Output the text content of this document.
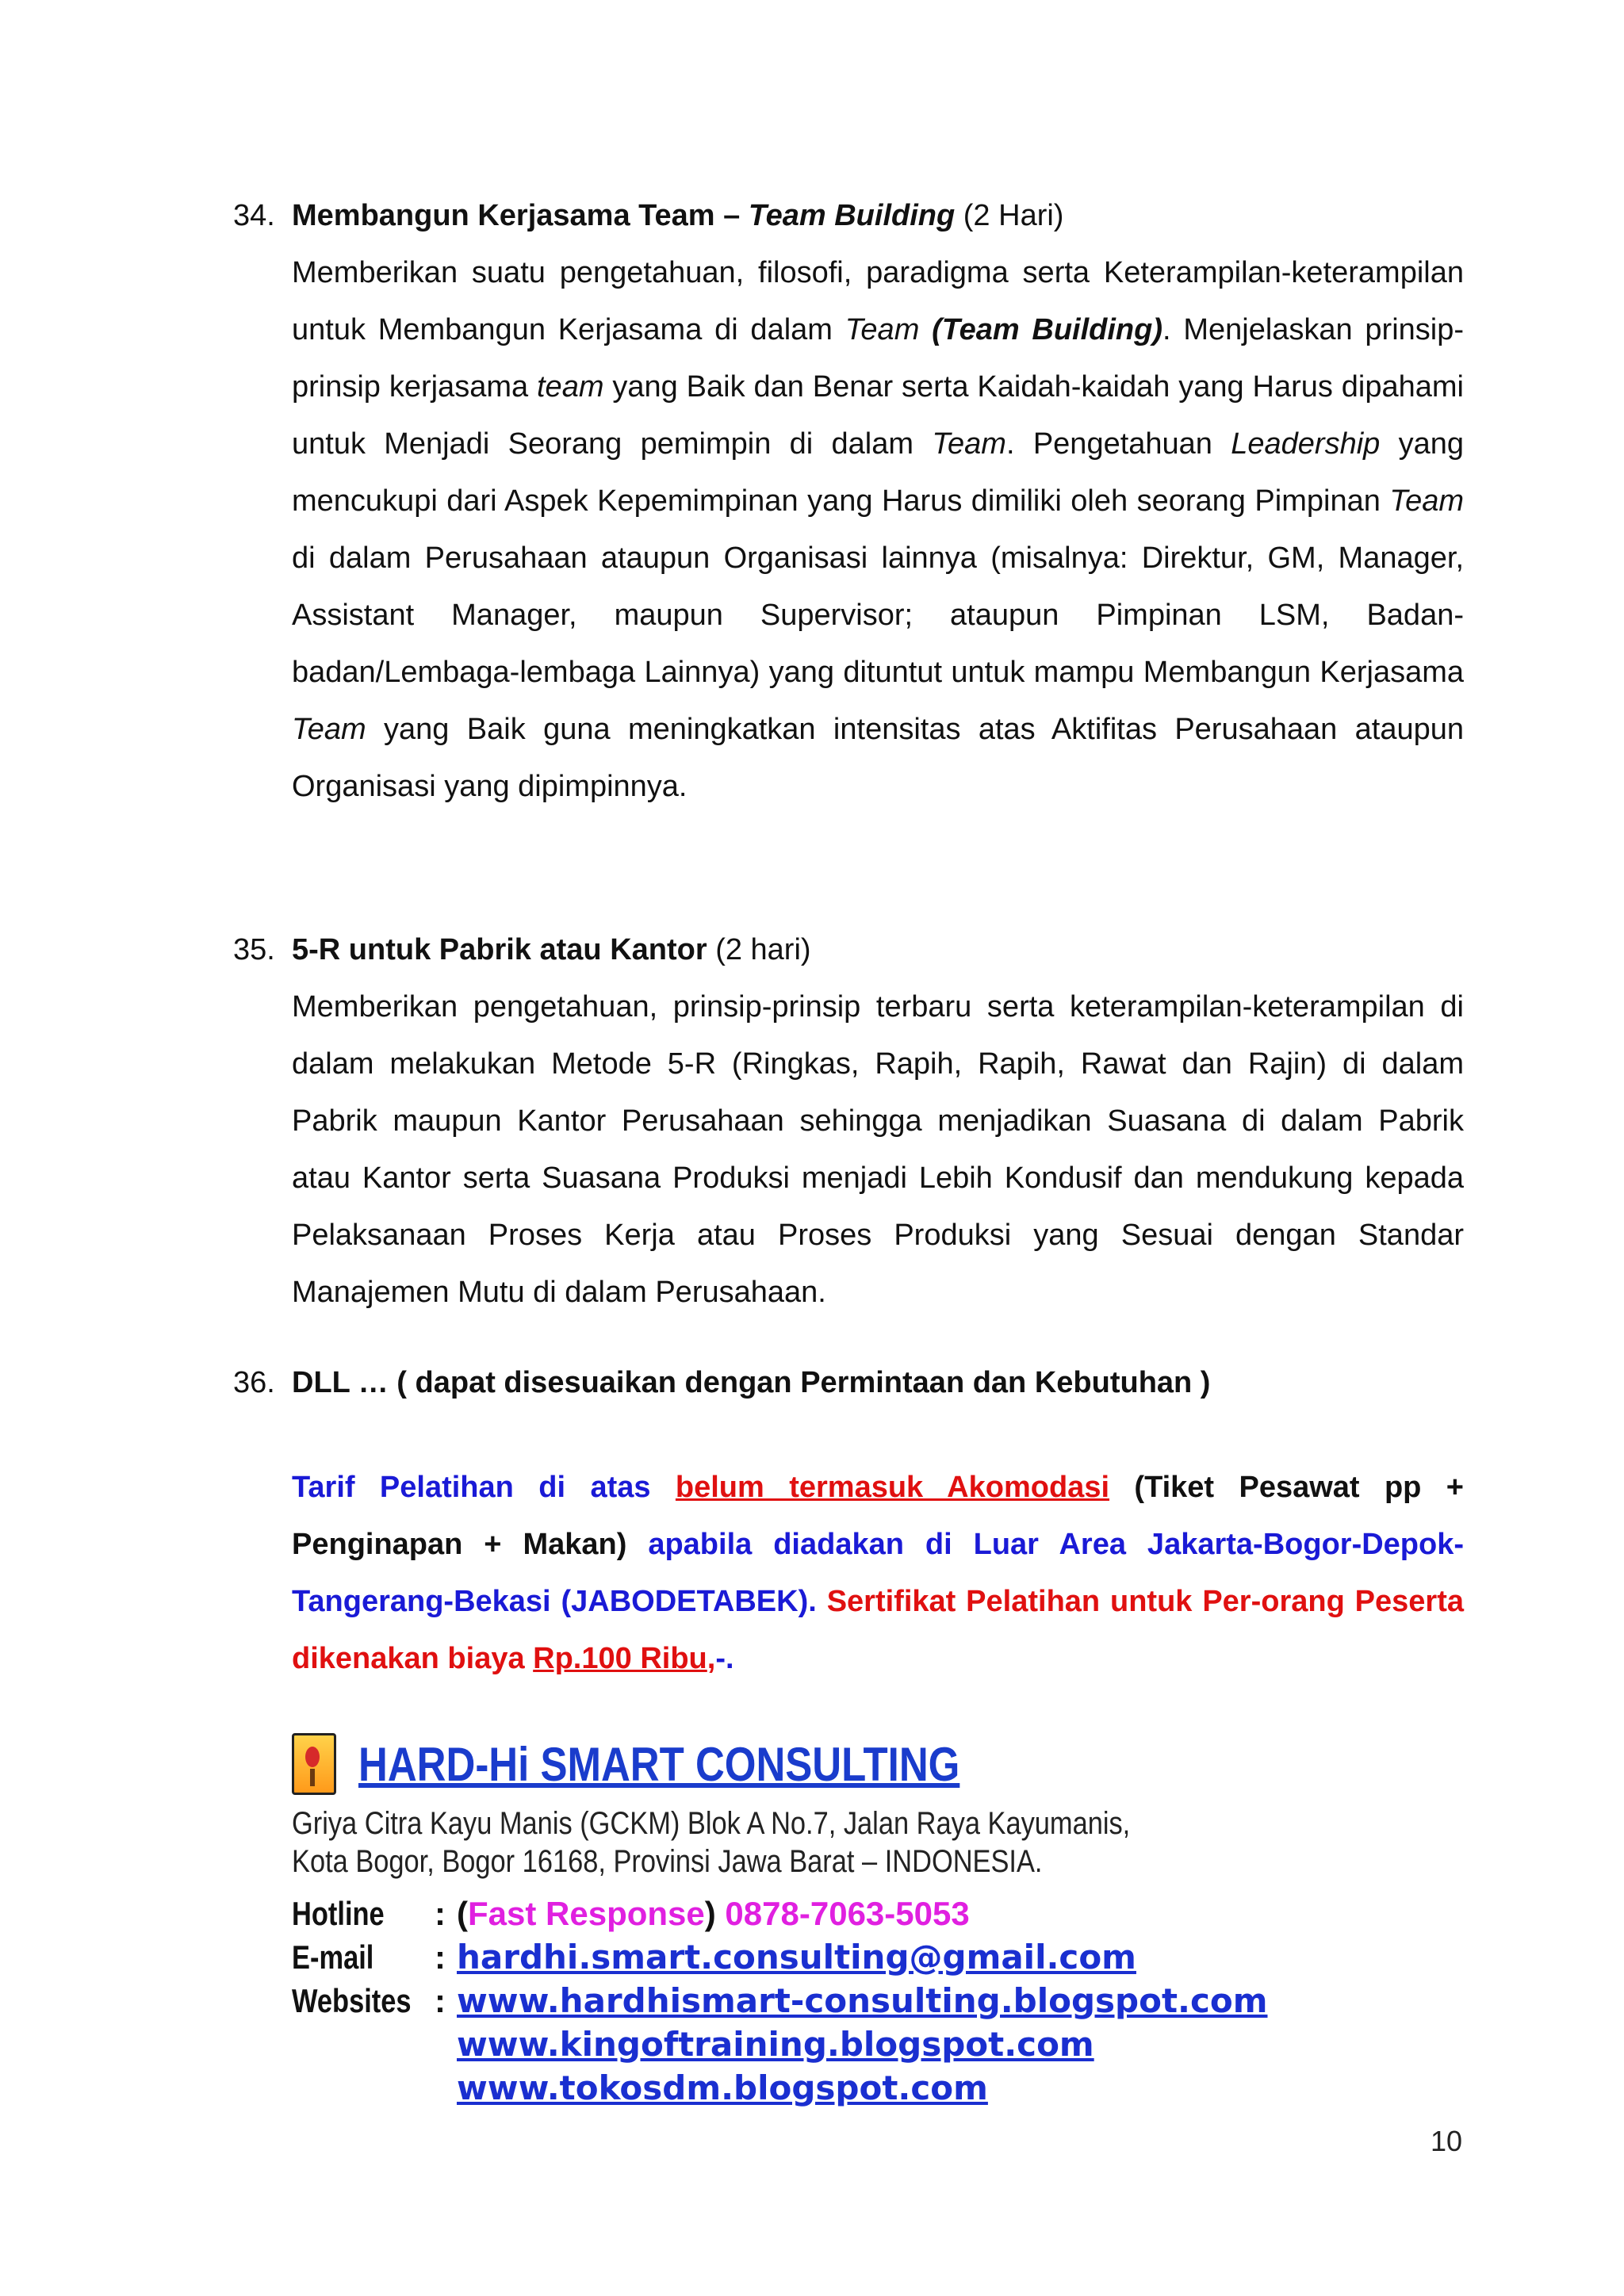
34. Membangun Kerjasama Team – Team Building (2 Hari)
Memberikan suatu pengetahuan, filosofi, paradigma serta Keterampilan-keterampilan untuk Membangun Kerjasama di dalam Team (Team Building). Menjelaskan prinsip-prinsip kerjasama team yang Baik dan Benar serta Kaidah-kaidah yang Harus dipahami untuk Menjadi Seorang pemimpin di dalam Team. Pengetahuan Leadership yang mencukupi dari Aspek Kepemimpinan yang Harus dimiliki oleh seorang Pimpinan Team di dalam Perusahaan ataupun Organisasi lainnya (misalnya: Direktur, GM, Manager, Assistant Manager, maupun Supervisor; ataupun Pimpinan LSM, Badan-badan/Lembaga-lembaga Lainnya) yang dituntut untuk mampu Membangun Kerjasama Team yang Baik guna meningkatkan intensitas atas Aktifitas Perusahaan ataupun Organisasi yang dipimpinnya.
35. 5-R untuk Pabrik atau Kantor (2 hari)
Memberikan pengetahuan, prinsip-prinsip terbaru serta keterampilan-keterampilan di dalam melakukan Metode 5-R (Ringkas, Rapih, Rapih, Rawat dan Rajin) di dalam Pabrik maupun Kantor Perusahaan sehingga menjadikan Suasana di dalam Pabrik atau Kantor serta Suasana Produksi menjadi Lebih Kondusif dan mendukung kepada Pelaksanaan Proses Kerja atau Proses Produksi yang Sesuai dengan Standar Manajemen Mutu di dalam Perusahaan.
36. DLL … ( dapat disesuaikan dengan Permintaan dan Kebutuhan )
Tarif Pelatihan di atas belum termasuk Akomodasi (Tiket Pesawat pp + Penginapan + Makan) apabila diadakan di Luar Area Jakarta-Bogor-Depok-Tangerang-Bekasi (JABODETABEK). Sertifikat Pelatihan untuk Per-orang Peserta dikenakan biaya Rp.100 Ribu,-.
HARD-Hi SMART CONSULTING
Griya Citra Kayu Manis (GCKM) Blok A No.7, Jalan Raya Kayumanis,
Kota Bogor, Bogor 16168, Provinsi Jawa Barat – INDONESIA.
Hotline : (Fast Response) 0878-7063-5053
E-mail : hardhi.smart.consulting@gmail.com
Websites : www.hardhismart-consulting.blogspot.com
www.kingoftraining.blogspot.com
www.tokosdm.blogspot.com
10
